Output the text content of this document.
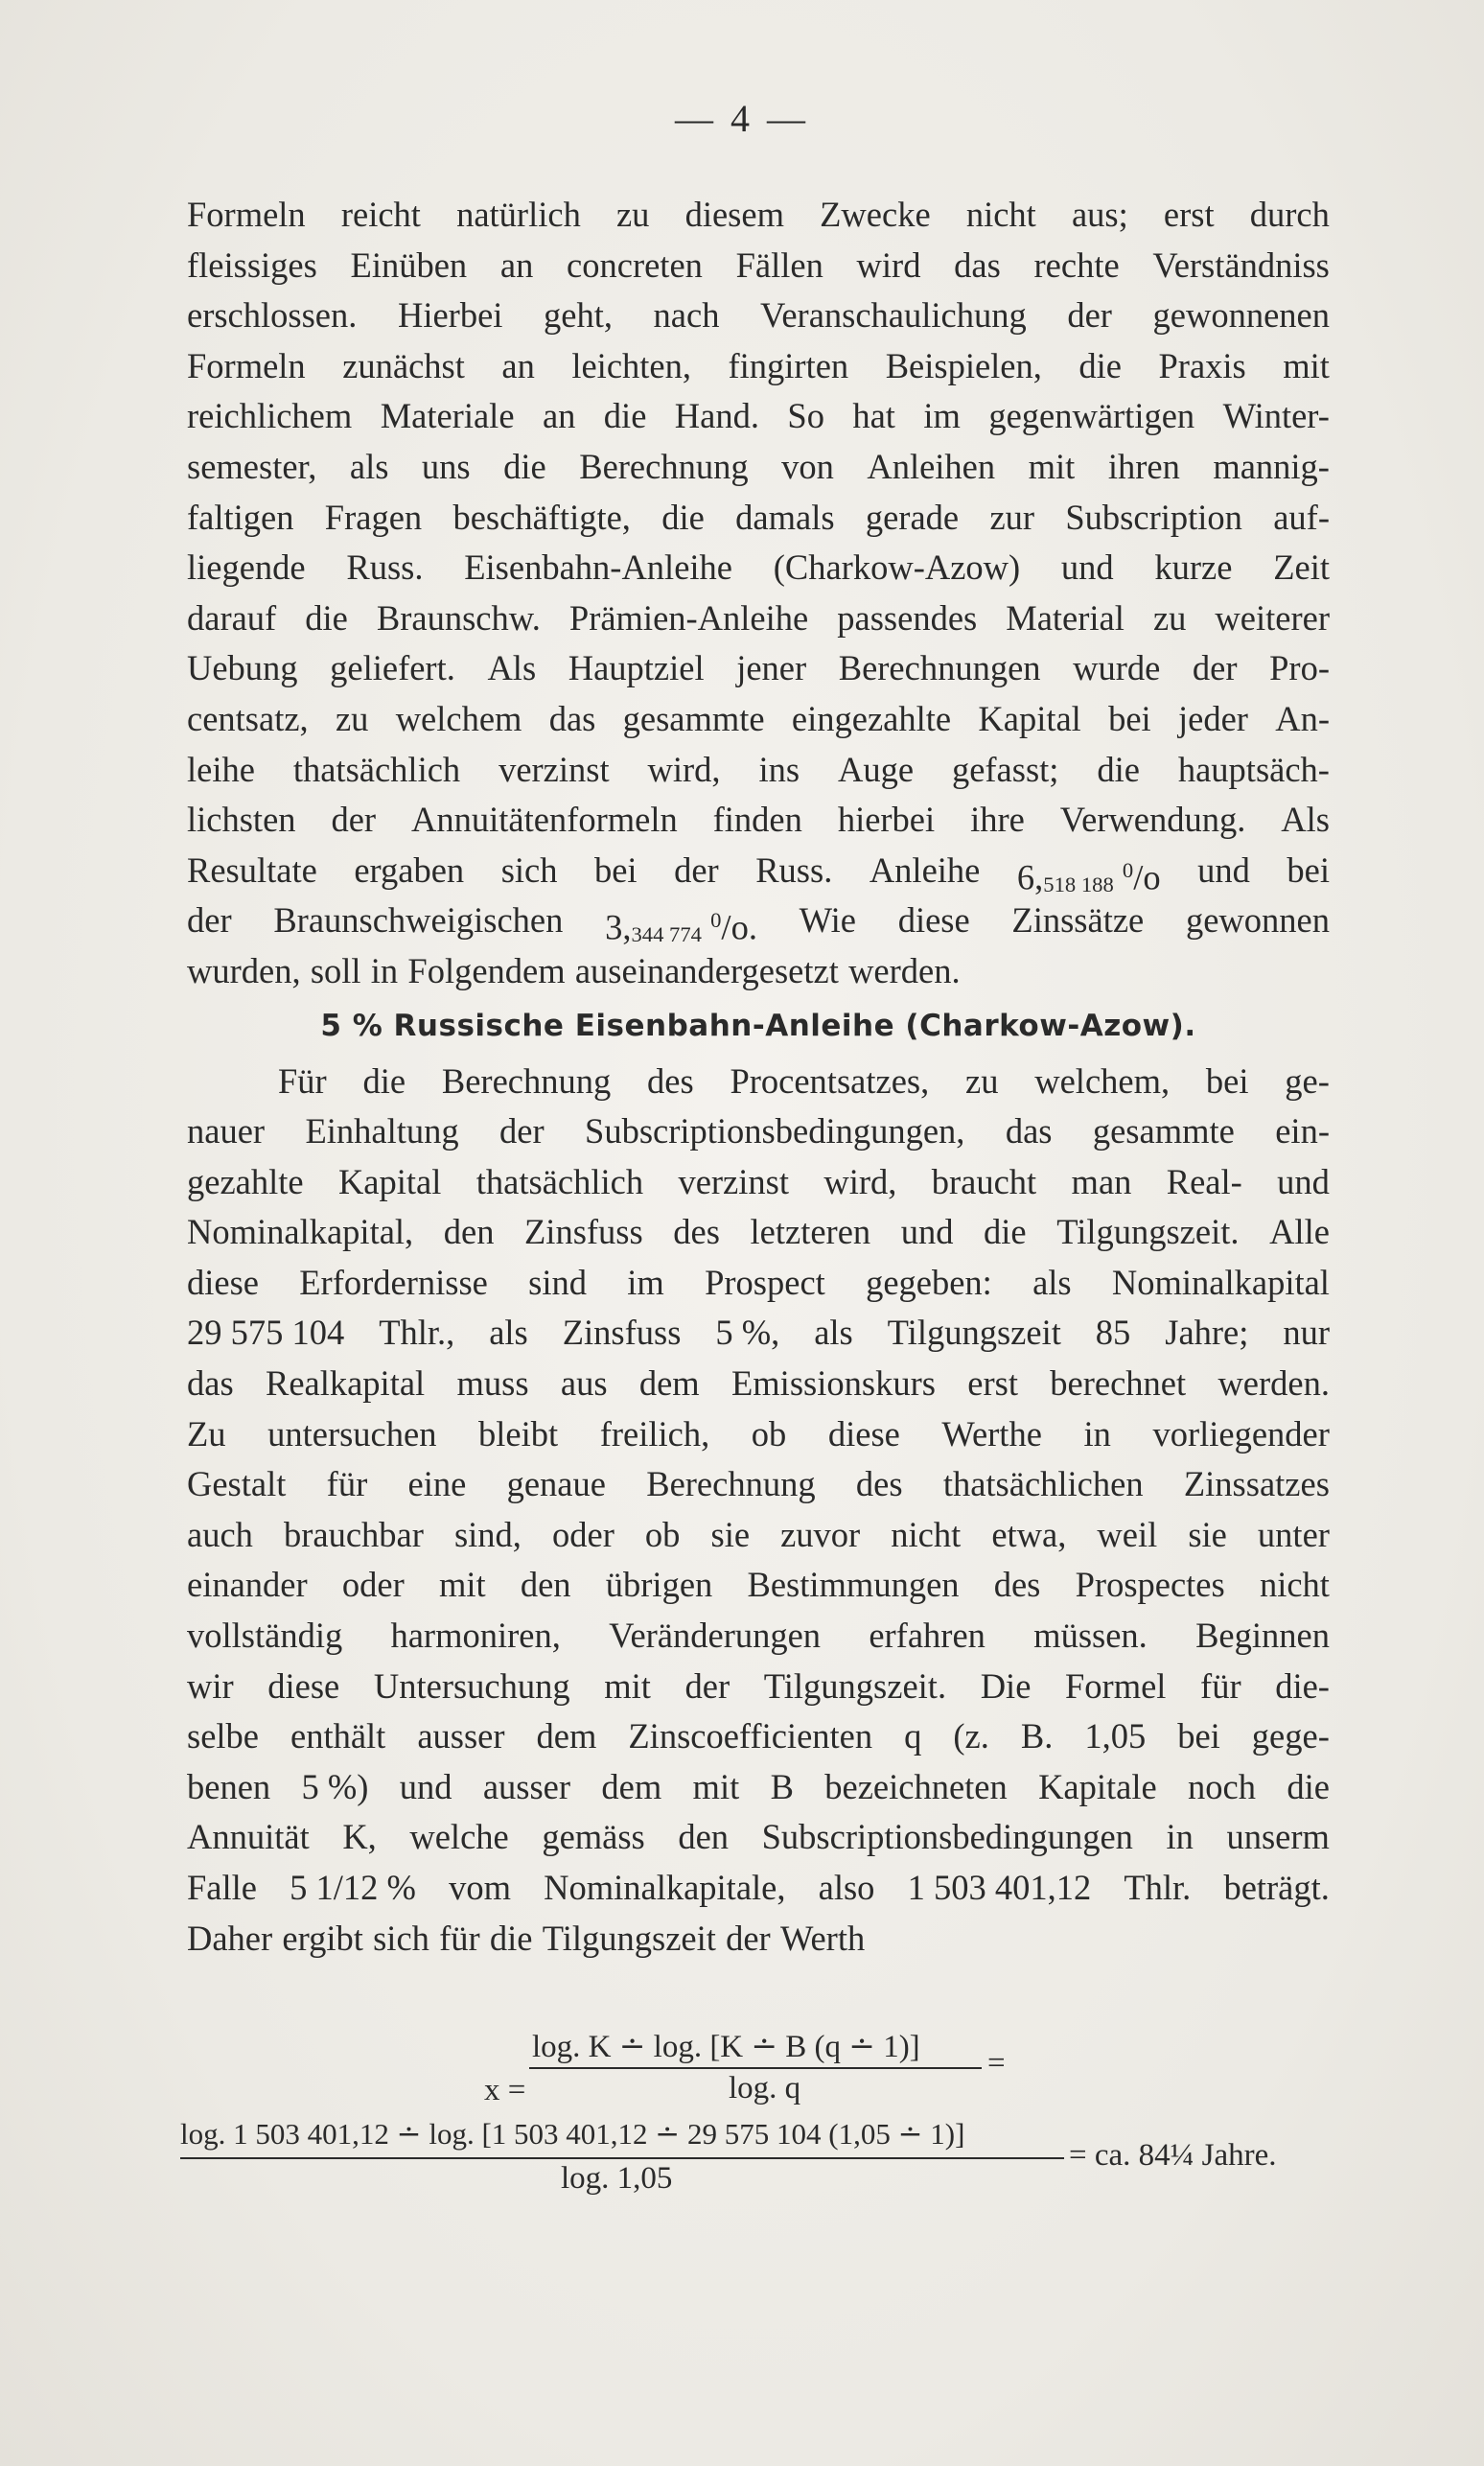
— 4 —
Formeln reicht natürlich zu diesem Zwecke nicht aus; erst durch
fleissiges Einüben an concreten Fällen wird das rechte Verständniss
erschlossen. Hierbei geht, nach Veranschaulichung der gewonnenen
Formeln zunächst an leichten, fingirten Beispielen, die Praxis mit
reichlichem Materiale an die Hand. So hat im gegenwärtigen Winter-
semester, als uns die Berechnung von Anleihen mit ihren mannig-
faltigen Fragen beschäftigte, die damals gerade zur Subscription auf-
liegende Russ. Eisenbahn-Anleihe (Charkow-Azow) und kurze Zeit
darauf die Braunschw. Prämien-Anleihe passendes Material zu weiterer
Uebung geliefert. Als Hauptziel jener Berechnungen wurde der Pro-
centsatz, zu welchem das gesammte eingezahlte Kapital bei jeder An-
leihe thatsächlich verzinst wird, ins Auge gefasst; die hauptsäch-
lichsten der Annuitätenformeln finden hierbei ihre Verwendung. Als
Resultate ergaben sich bei der Russ. Anleihe 6,518 188 $^0$/o und bei
der Braunschweigischen 3,344 774 $^0$/o. Wie diese Zinssätze gewonnen
wurden, soll in Folgendem auseinandergesetzt werden.
5 % Russische Eisenbahn-Anleihe (Charkow-Azow).
Für die Berechnung des Procentsatzes, zu welchem, bei ge-
nauer Einhaltung der Subscriptionsbedingungen, das gesammte ein-
gezahlte Kapital thatsächlich verzinst wird, braucht man Real- und
Nominalkapital, den Zinsfuss des letzteren und die Tilgungszeit. Alle
diese Erfordernisse sind im Prospect gegeben: als Nominalkapital
29 575 104 Thlr., als Zinsfuss 5 %, als Tilgungszeit 85 Jahre; nur
das Realkapital muss aus dem Emissionskurs erst berechnet werden.
Zu untersuchen bleibt freilich, ob diese Werthe in vorliegender
Gestalt für eine genaue Berechnung des thatsächlichen Zinssatzes
auch brauchbar sind, oder ob sie zuvor nicht etwa, weil sie unter
einander oder mit den übrigen Bestimmungen des Prospectes nicht
vollständig harmoniren, Veränderungen erfahren müssen. Beginnen
wir diese Untersuchung mit der Tilgungszeit. Die Formel für die-
selbe enthält ausser dem Zinscoefficienten q (z. B. 1,05 bei gege-
benen 5 %) und ausser dem mit B bezeichneten Kapitale noch die
Annuität K, welche gemäss den Subscriptionsbedingungen in unserm
Falle 5 1/12 % vom Nominalkapitale, also 1 503 401,12 Thlr. beträgt.
Daher ergibt sich für die Tilgungszeit der Werth
x =
log. K ∸ log. [K ∸ B (q ∸ 1)]
log. q
=
log. 1 503 401,12 ∸ log. [1 503 401,12 ∸ 29 575 104 (1,05 ∸ 1)]
log. 1,05
= ca. 84¼ Jahre.
